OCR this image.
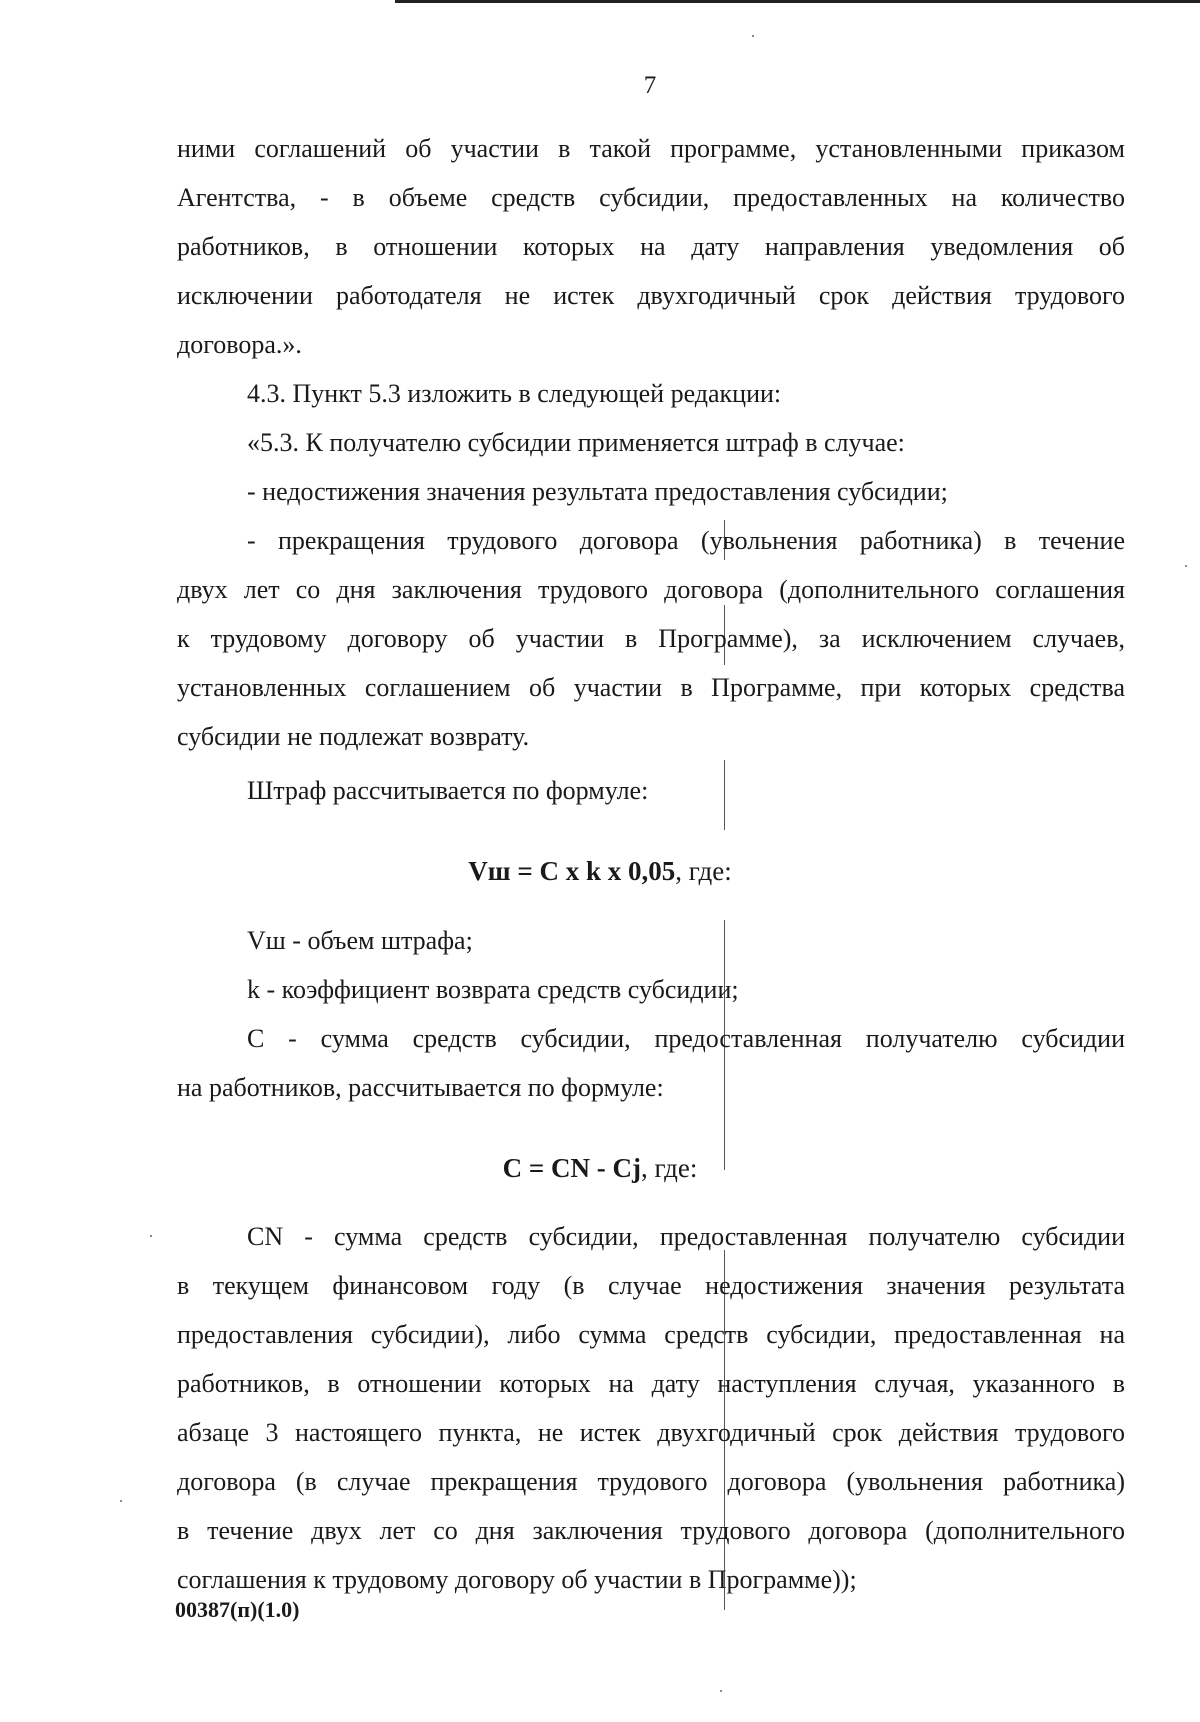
7
ними соглашений об участии в такой программе, установленными приказом
Агентства, - в объеме средств субсидии, предоставленных на количество
работников, в отношении которых на дату направления уведомления об
исключении работодателя не истек двухгодичный срок действия трудового
договора.».
4.3. Пункт 5.3 изложить в следующей редакции:
«5.3. К получателю субсидии применяется штраф в случае:
- недостижения значения результата предоставления субсидии;
- прекращения трудового договора (увольнения работника) в течение
двух лет со дня заключения трудового договора (дополнительного соглашения
к трудовому договору об участии в Программе), за исключением случаев,
установленных соглашением об участии в Программе, при которых средства
субсидии не подлежат возврату.
Штраф рассчитывается по формуле:
Vш = С x k x 0,05, где:
Vш - объем штрафа;
k - коэффициент возврата средств субсидии;
С - сумма средств субсидии, предоставленная получателю субсидии
на работников, рассчитывается по формуле:
С = CN - Cj, где:
CN - сумма средств субсидии, предоставленная получателю субсидии
в текущем финансовом году (в случае недостижения значения результата
предоставления субсидии), либо сумма средств субсидии, предоставленная на
работников, в отношении которых на дату наступления случая, указанного в
абзаце 3 настоящего пункта, не истек двухгодичный срок действия трудового
договора (в случае прекращения трудового договора (увольнения работника)
в течение двух лет со дня заключения трудового договора (дополнительного
соглашения к трудовому договору об участии в Программе));
00387(п)(1.0)
